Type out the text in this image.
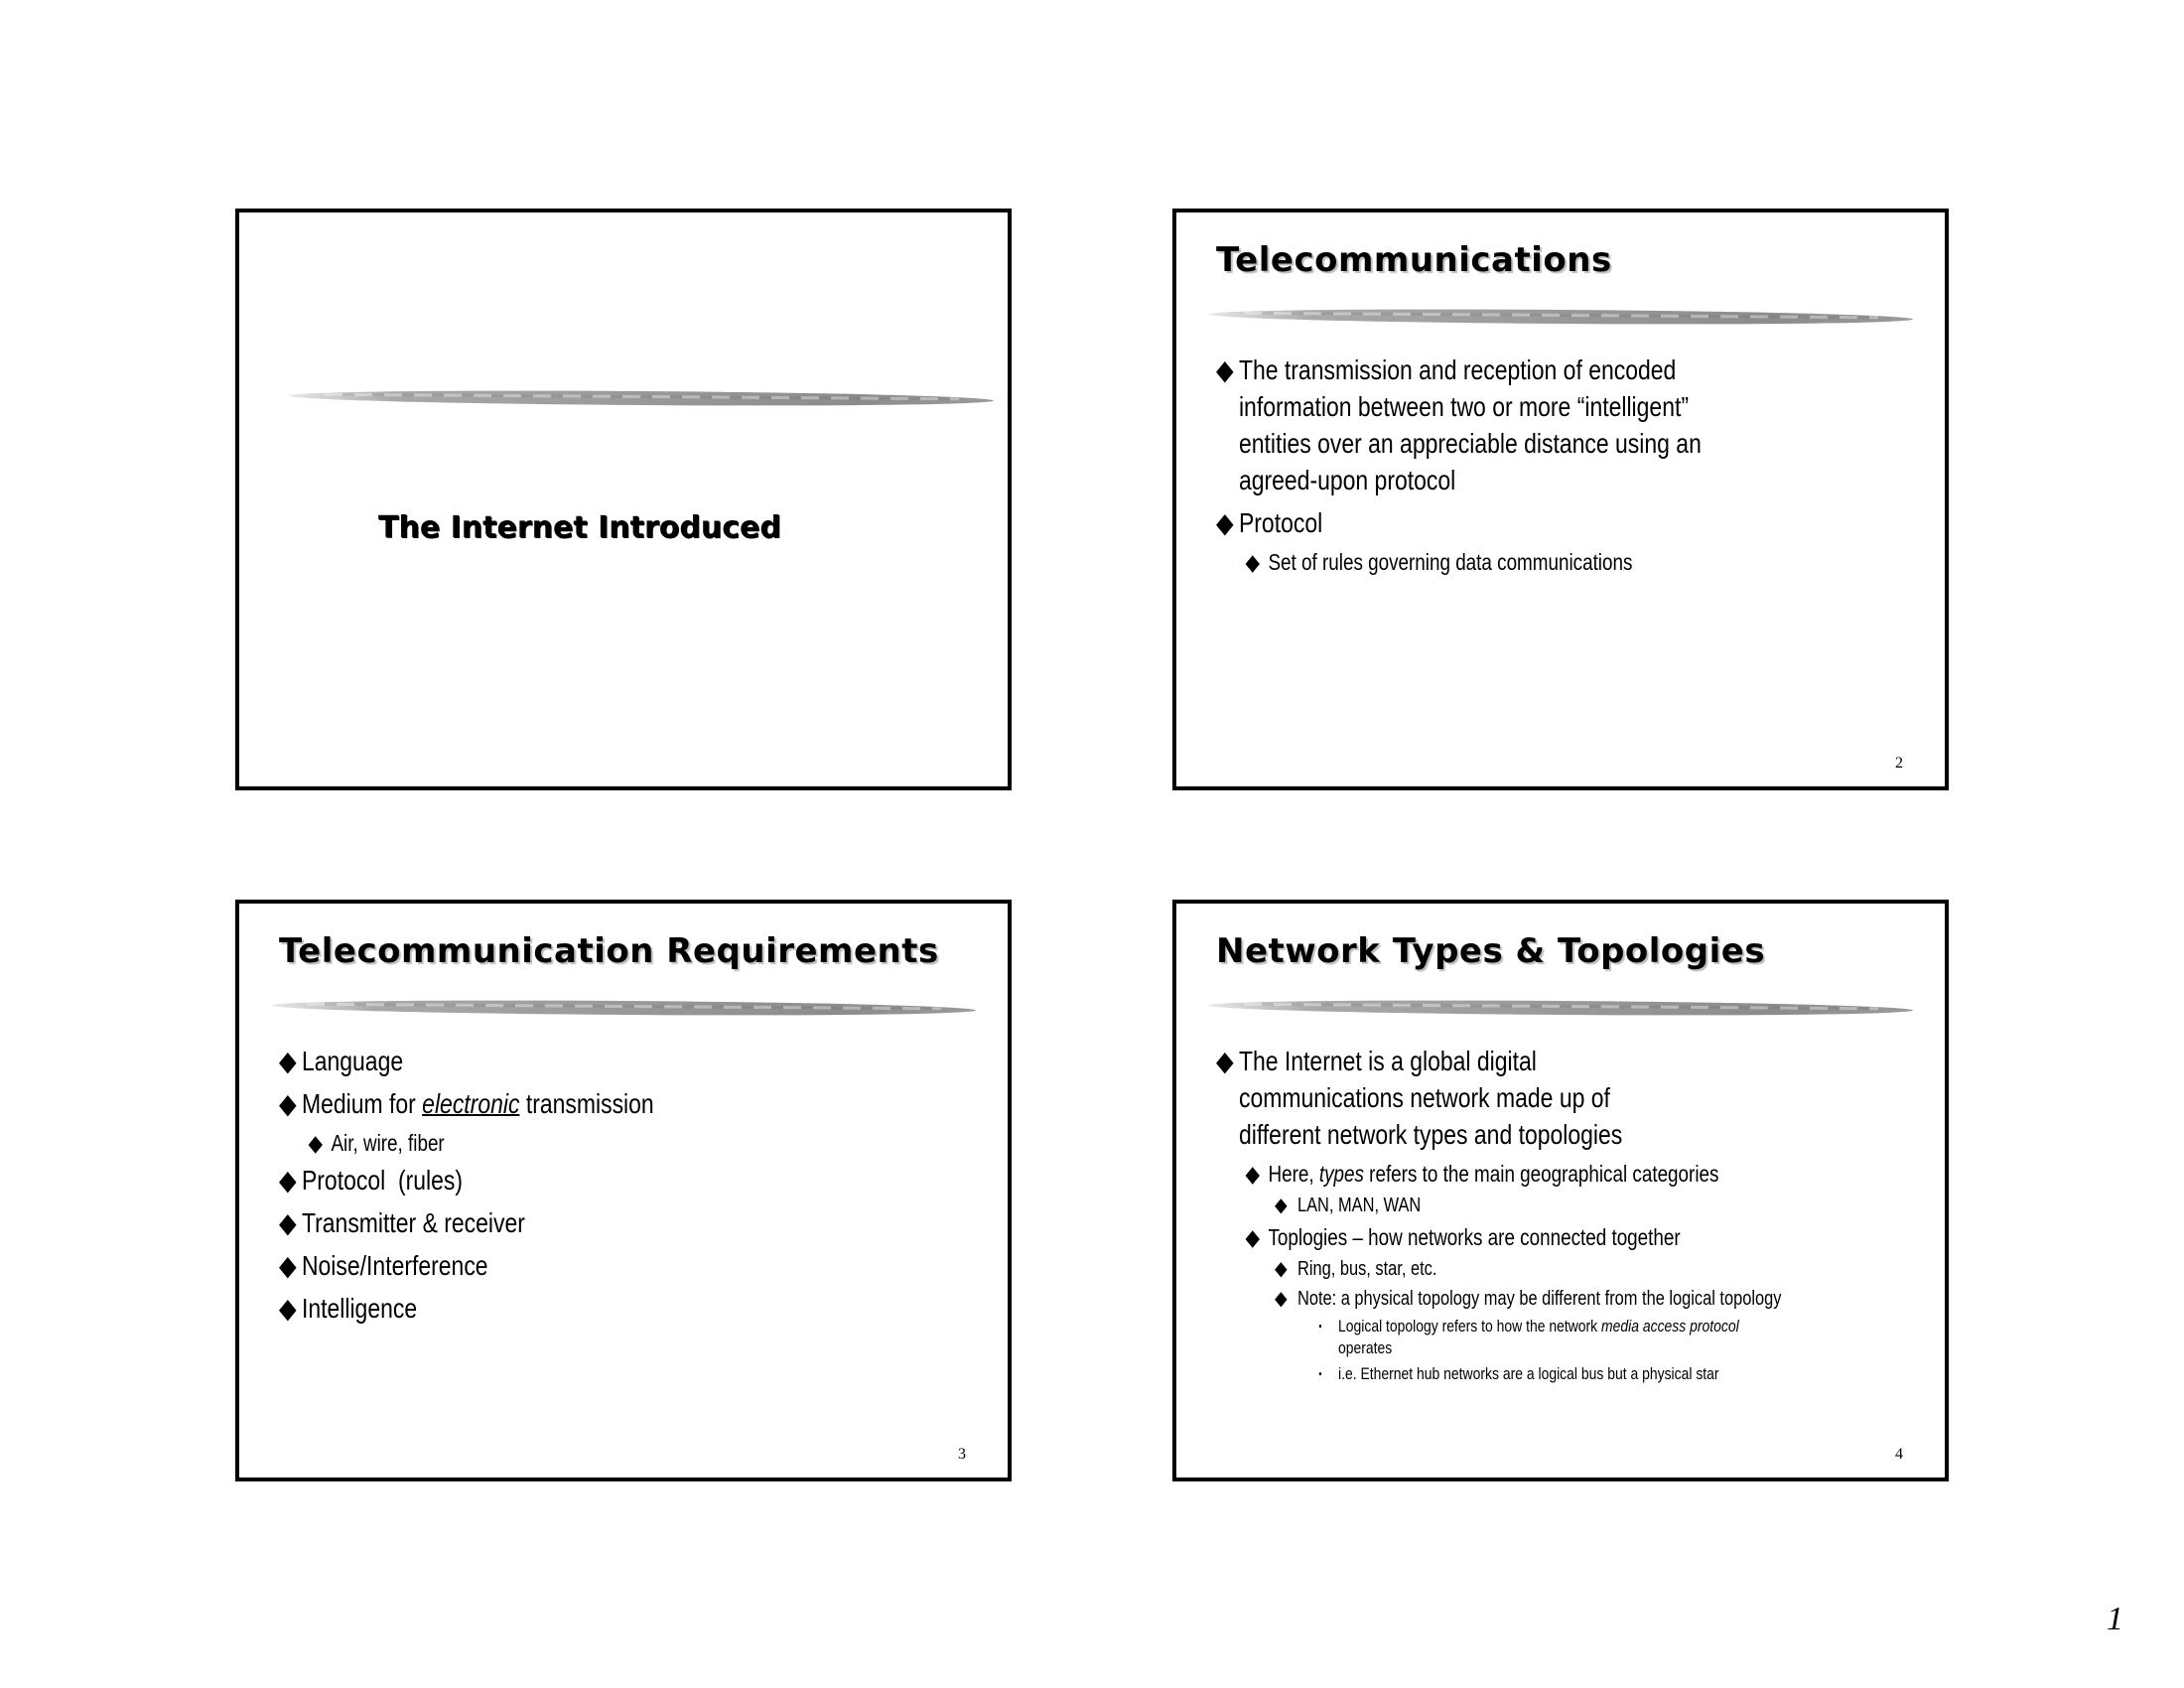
The Internet Introduced
Telecommunications
◆ The transmission and reception of encoded information between two or more “intelligent” entities over an appreciable distance using an agreed-upon protocol
◆ Protocol
◆ Set of rules governing data communications
2
Telecommunication Requirements
◆ Language
◆ Medium for electronic transmission
◆ Air, wire, fiber
◆ Protocol  (rules)
◆ Transmitter & receiver
◆ Noise/Interference
◆ Intelligence
3
Network Types & Topologies
◆ The Internet is a global digital communications network made up of different network types and topologies
◆ Here, types refers to the main geographical categories
◆ LAN, MAN, WAN
◆ Toplogies – how networks are connected together
◆ Ring, bus, star, etc.
◆ Note: a physical topology may be different from the logical topology
▪ Logical topology refers to how the network media access protocol operates
▪ i.e. Ethernet hub networks are a logical bus but a physical star
4
1
